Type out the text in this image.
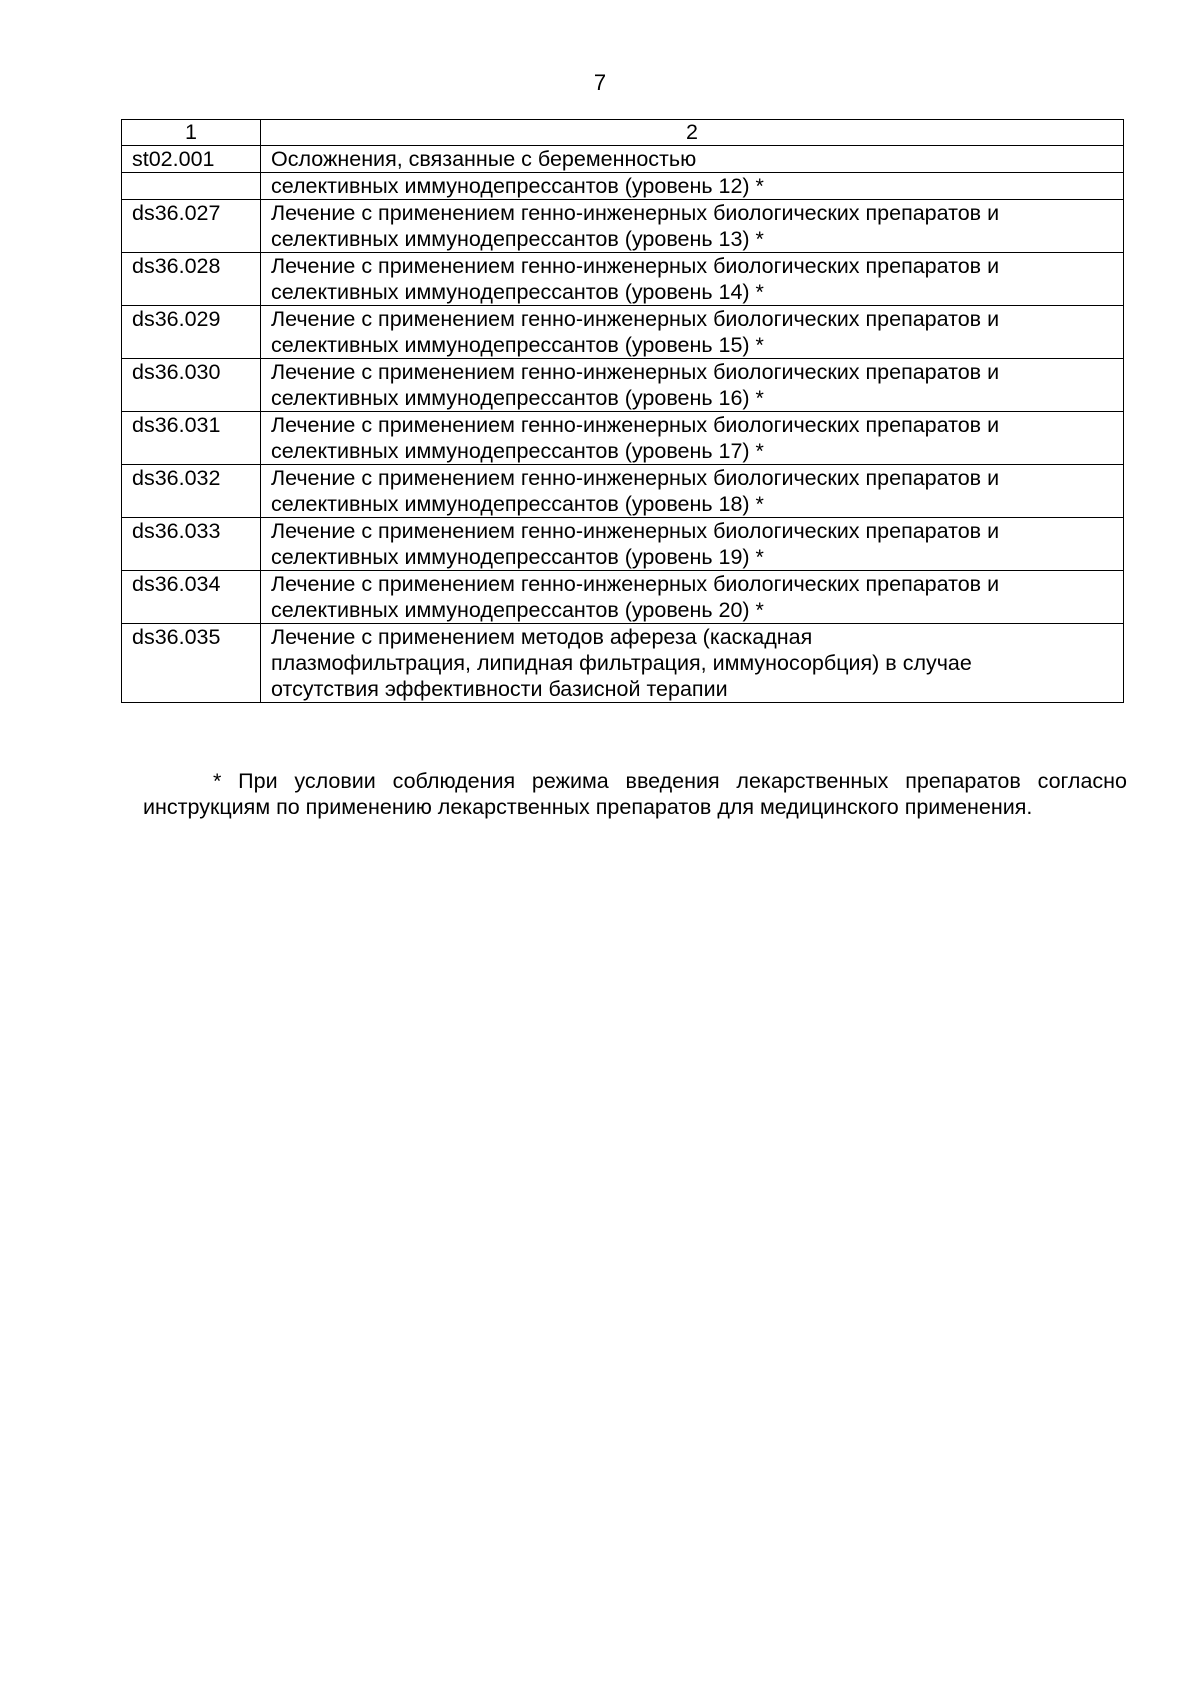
7
1	2
st02.001	Осложнения, связанные с беременностью

	селективных иммунодепрессантов (уровень 12) *

ds36.027	Лечение с применением генно-инженерных биологических препаратов и
селективных иммунодепрессантов (уровень 13) *

ds36.028	Лечение с применением генно-инженерных биологических препаратов и
селективных иммунодепрессантов (уровень 14) *

ds36.029	Лечение с применением генно-инженерных биологических препаратов и
селективных иммунодепрессантов (уровень 15) *

ds36.030	Лечение с применением генно-инженерных биологических препаратов и
селективных иммунодепрессантов (уровень 16) *

ds36.031	Лечение с применением генно-инженерных биологических препаратов и
селективных иммунодепрессантов (уровень 17) *

ds36.032	Лечение с применением генно-инженерных биологических препаратов и
селективных иммунодепрессантов (уровень 18) *

ds36.033	Лечение с применением генно-инженерных биологических препаратов и
селективных иммунодепрессантов (уровень 19) *

ds36.034	Лечение с применением генно-инженерных биологических препаратов и
селективных иммунодепрессантов (уровень 20) *

ds36.035	Лечение с применением методов афереза (каскадная
плазмофильтрация, липидная фильтрация, иммуносорбция) в случае
отсутствия эффективности базисной терапии

* При условии соблюдения режима введения лекарственных препаратов согласно инструкциям по применению лекарственных препаратов для медицинского применения.
